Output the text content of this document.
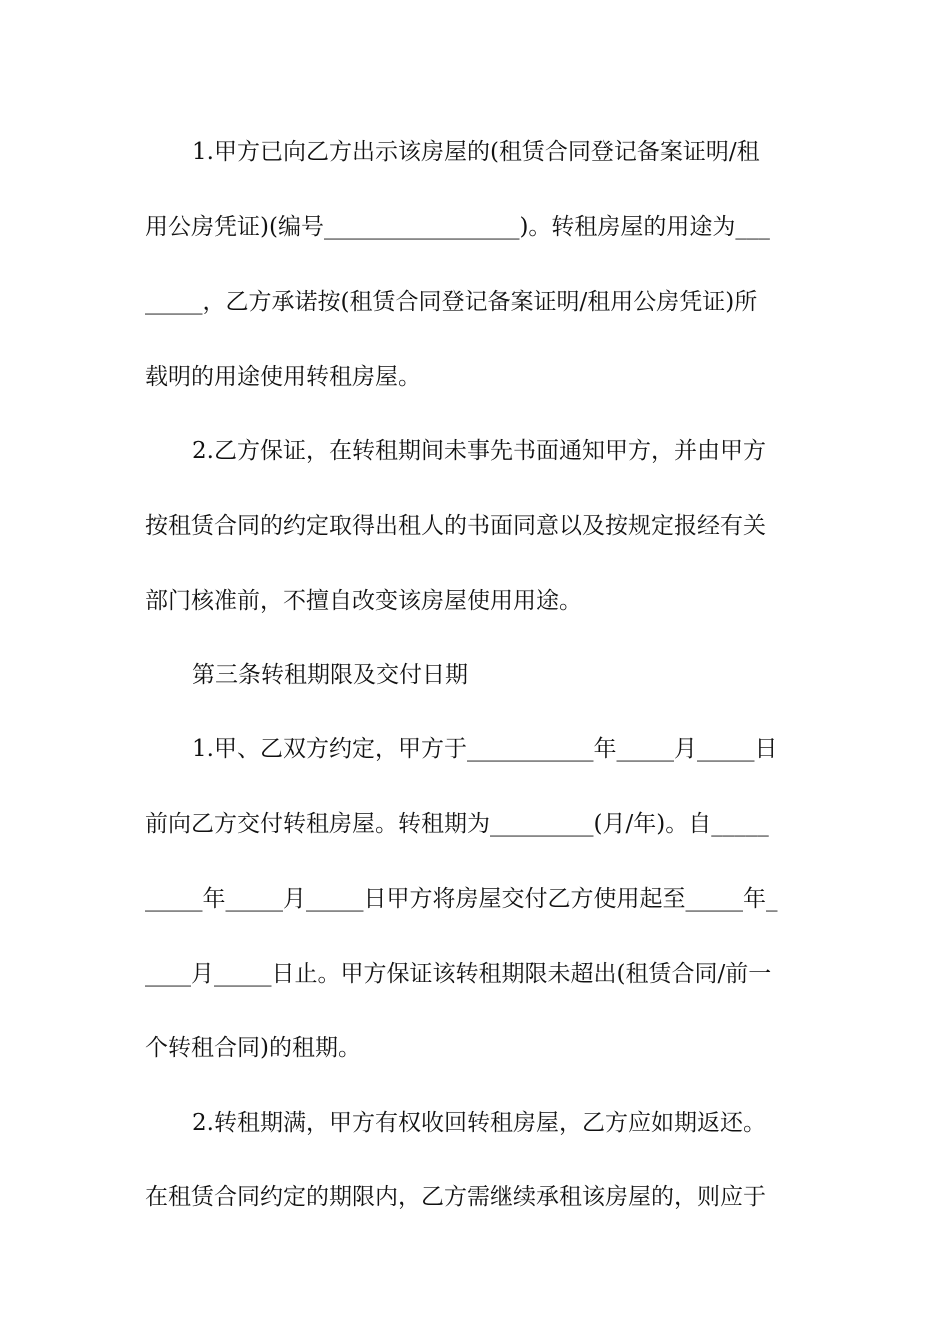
1.甲方已向乙方出示该房屋的(租赁合同登记备案证明/租
用公房凭证)(编号_________________)。转租房屋的用途为___
_____，乙方承诺按(租赁合同登记备案证明/租用公房凭证)所
载明的用途使用转租房屋。
2.乙方保证，在转租期间未事先书面通知甲方，并由甲方
按租赁合同的约定取得出租人的书面同意以及按规定报经有关
部门核准前，不擅自改变该房屋使用用途。
第三条转租期限及交付日期
1.甲、乙双方约定，甲方于___________年_____月_____日
前向乙方交付转租房屋。转租期为_________(月/年)。自_____
_____年_____月_____日甲方将房屋交付乙方使用起至_____年_
____月_____日止。甲方保证该转租期限未超出(租赁合同/前一
个转租合同)的租期。
2.转租期满，甲方有权收回转租房屋，乙方应如期返还。
在租赁合同约定的期限内，乙方需继续承租该房屋的，则应于
